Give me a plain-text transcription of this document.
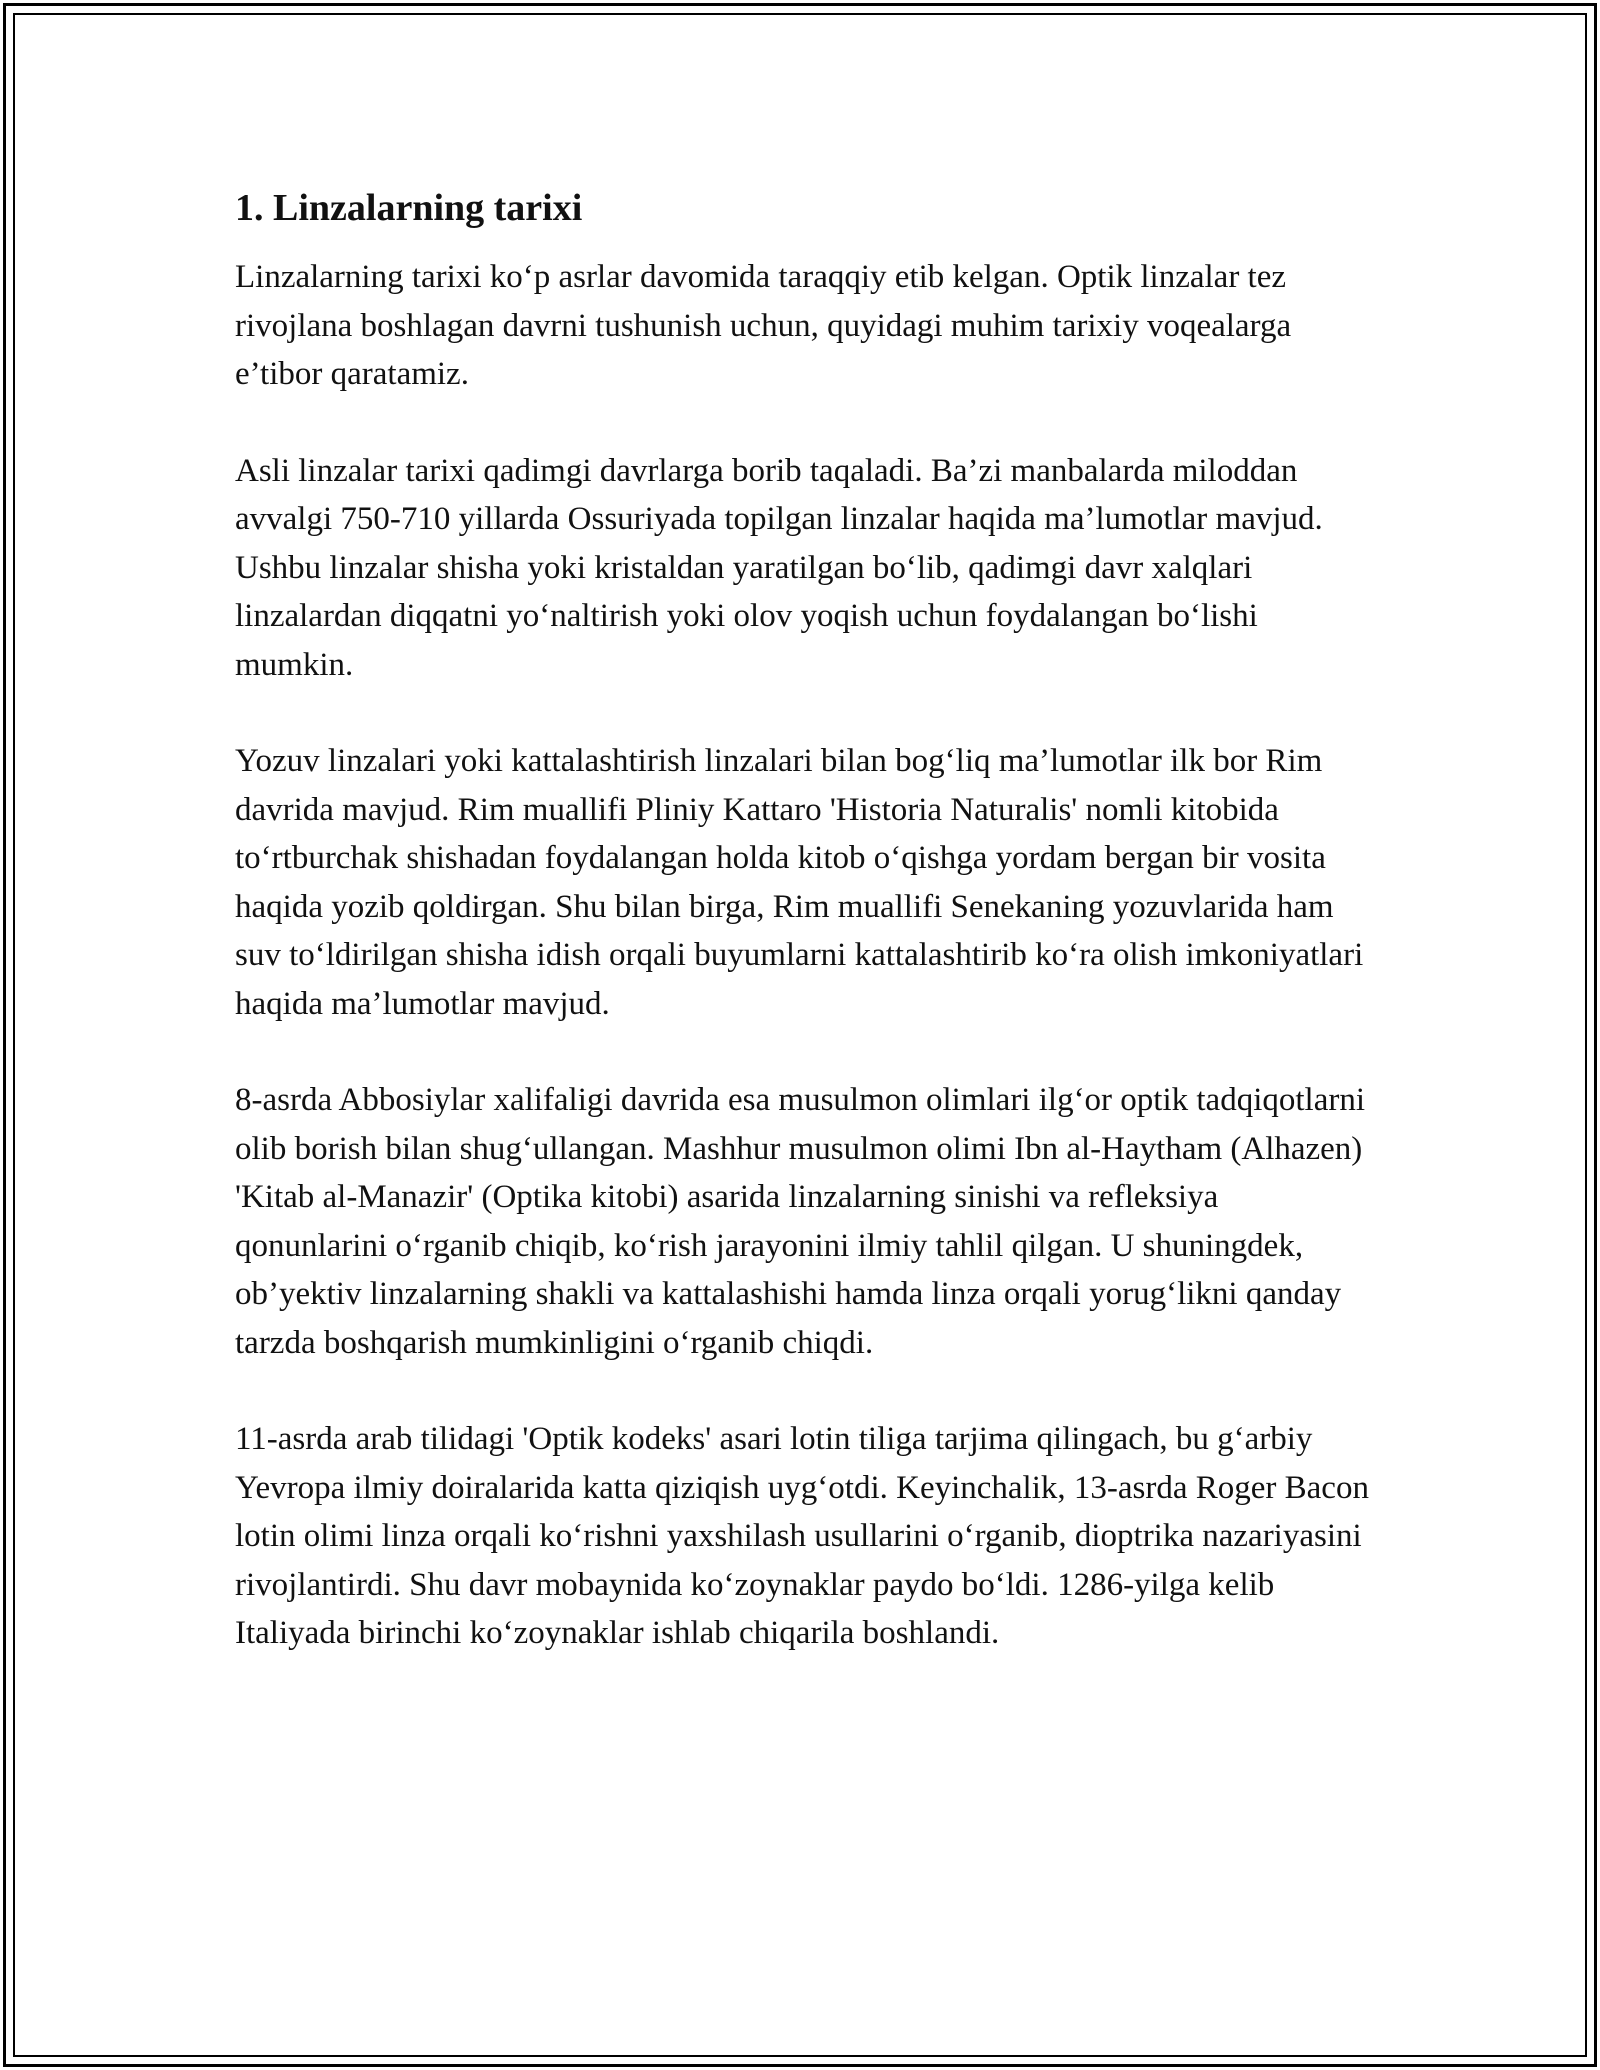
1. Linzalarning tarixi

Linzalarning tarixi ko‘p asrlar davomida taraqqiy etib kelgan. Optik linzalar tez rivojlana boshlagan davrni tushunish uchun, quyidagi muhim tarixiy voqealarga e’tibor qaratamiz.

Asli linzalar tarixi qadimgi davrlarga borib taqaladi. Ba’zi manbalarda miloddan avvalgi 750-710 yillarda Ossuriyada topilgan linzalar haqida ma’lumotlar mavjud. Ushbu linzalar shisha yoki kristaldan yaratilgan bo‘lib, qadimgi davr xalqlari linzalardan diqqatni yo‘naltirish yoki olov yoqish uchun foydalangan bo‘lishi mumkin.

Yozuv linzalari yoki kattalashtirish linzalari bilan bog‘liq ma’lumotlar ilk bor Rim davrida mavjud. Rim muallifi Pliniy Kattaro 'Historia Naturalis' nomli kitobida to‘rtburchak shishadan foydalangan holda kitob o‘qishga yordam bergan bir vosita haqida yozib qoldirgan. Shu bilan birga, Rim muallifi Senekaning yozuvlarida ham suv to‘ldirilgan shisha idish orqali buyumlarni kattalashtirib ko‘ra olish imkoniyatlari haqida ma’lumotlar mavjud.

8-asrda Abbosiylar xalifaligi davrida esa musulmon olimlari ilg‘or optik tadqiqotlarni olib borish bilan shug‘ullangan. Mashhur musulmon olimi Ibn al-Haytham (Alhazen) 'Kitab al-Manazir' (Optika kitobi) asarida linzalarning sinishi va refleksiya qonunlarini o‘rganib chiqib, ko‘rish jarayonini ilmiy tahlil qilgan. U shuningdek, ob’yektiv linzalarning shakli va kattalashishi hamda linza orqali yorug‘likni qanday tarzda boshqarish mumkinligini o‘rganib chiqdi.

11-asrda arab tilidagi 'Optik kodeks' asari lotin tiliga tarjima qilingach, bu g‘arbiy Yevropa ilmiy doiralarida katta qiziqish uyg‘otdi. Keyinchalik, 13-asrda Roger Bacon lotin olimi linza orqali ko‘rishni yaxshilash usullarini o‘rganib, dioptrika nazariyasini rivojlantirdi. Shu davr mobaynida ko‘zoynaklar paydo bo‘ldi. 1286-yilga kelib Italiyada birinchi ko‘zoynaklar ishlab chiqarila boshlandi.
